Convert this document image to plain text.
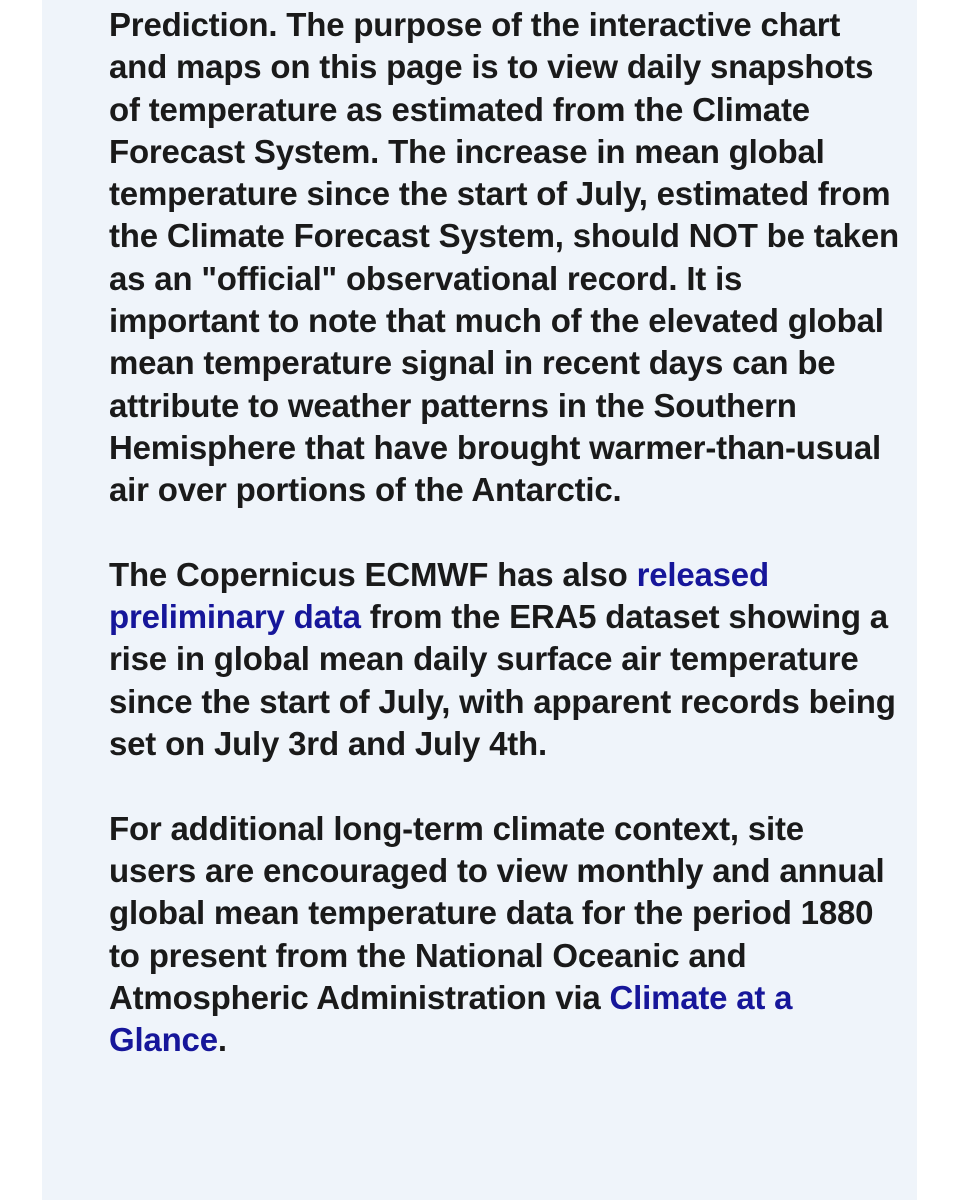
Prediction. The purpose of the interactive chart and maps on this page is to view daily snapshots of temperature as estimated from the Climate Forecast System. The increase in mean global temperature since the start of July, estimated from the Climate Forecast System, should NOT be taken as an "official" observational record. It is important to note that much of the elevated global mean temperature signal in recent days can be attribute to weather patterns in the Southern Hemisphere that have brought warmer-than-usual air over portions of the Antarctic.

The Copernicus ECMWF has also released preliminary data from the ERA5 dataset showing a rise in global mean daily surface air temperature since the start of July, with apparent records being set on July 3rd and July 4th.

For additional long-term climate context, site users are encouraged to view monthly and annual global mean temperature data for the period 1880 to present from the National Oceanic and Atmospheric Administration via Climate at a Glance.
